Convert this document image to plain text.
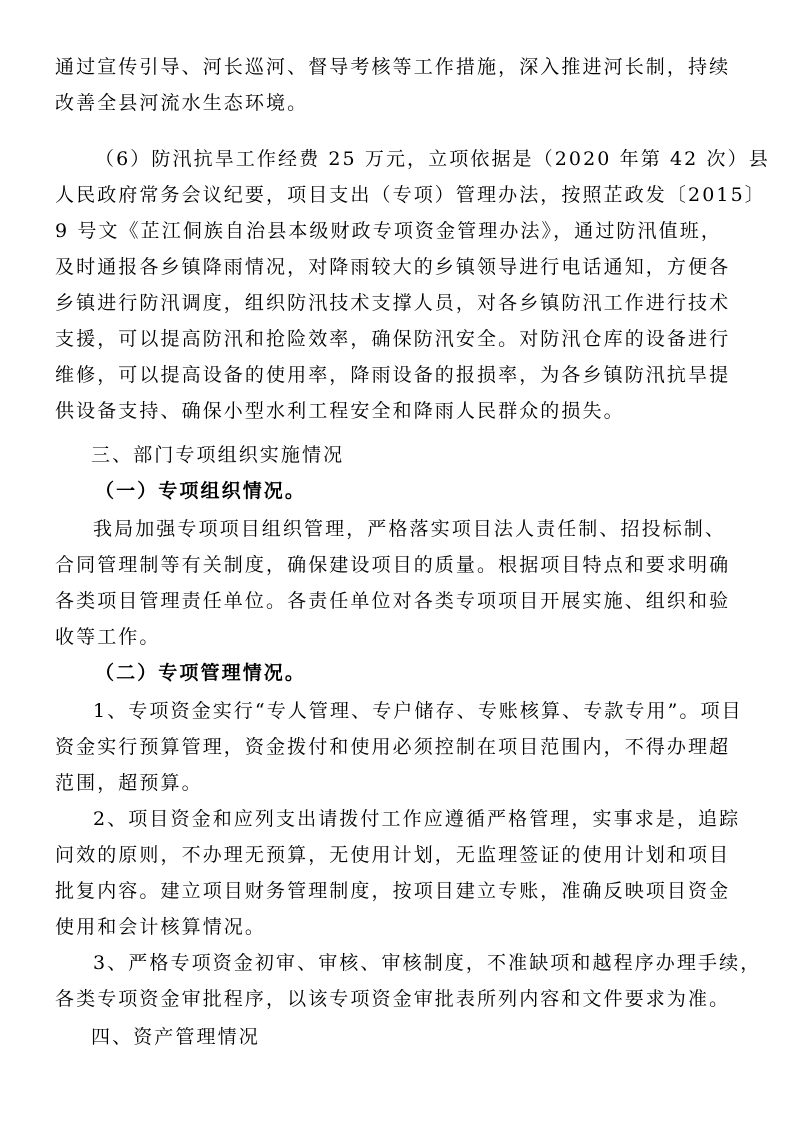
通过宣传引导、河长巡河、督导考核等工作措施，深入推进河长制，持续
改善全县河流水生态环境。
（6）防汛抗旱工作经费 25 万元，立项依据是（2020 年第 42 次）县
人民政府常务会议纪要，项目支出（专项）管理办法，按照芷政发〔2015〕
9 号文《芷江侗族自治县本级财政专项资金管理办法》，通过防汛值班，
及时通报各乡镇降雨情况，对降雨较大的乡镇领导进行电话通知，方便各
乡镇进行防汛调度，组织防汛技术支撑人员，对各乡镇防汛工作进行技术
支援，可以提高防汛和抢险效率，确保防汛安全。对防汛仓库的设备进行
维修，可以提高设备的使用率，降雨设备的报损率，为各乡镇防汛抗旱提
供设备支持、确保小型水利工程安全和降雨人民群众的损失。
三、部门专项组织实施情况
（一）专项组织情况。
我局加强专项项目组织管理，严格落实项目法人责任制、招投标制、
合同管理制等有关制度，确保建设项目的质量。根据项目特点和要求明确
各类项目管理责任单位。各责任单位对各类专项项目开展实施、组织和验
收等工作。
（二）专项管理情况。
1、专项资金实行“专人管理、专户储存、专账核算、专款专用”。项目
资金实行预算管理，资金拨付和使用必须控制在项目范围内，不得办理超
范围，超预算。
2、项目资金和应列支出请拨付工作应遵循严格管理，实事求是，追踪
问效的原则，不办理无预算，无使用计划，无监理签证的使用计划和项目
批复内容。建立项目财务管理制度，按项目建立专账，准确反映项目资金
使用和会计核算情况。
3、严格专项资金初审、审核、审核制度，不准缺项和越程序办理手续，
各类专项资金审批程序，以该专项资金审批表所列内容和文件要求为准。
四、资产管理情况
